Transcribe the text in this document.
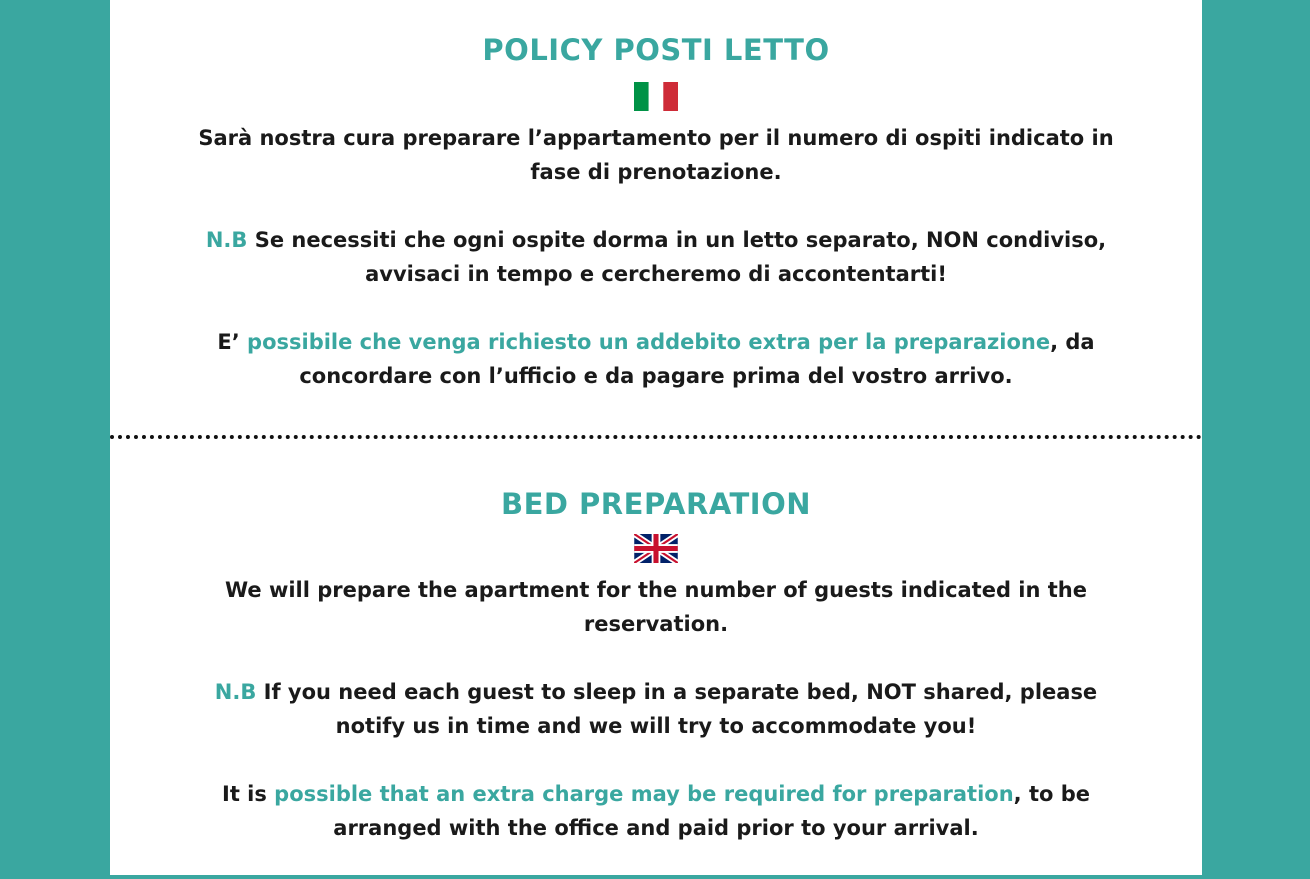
POLICY POSTI LETTO

Sarà nostra cura preparare l’appartamento per il numero di ospiti indicato in fase di prenotazione.

N.B Se necessiti che ogni ospite dorma in un letto separato, NON condiviso, avvisaci in tempo e cercheremo di accontentarti!

E’ possibile che venga richiesto un addebito extra per la preparazione, da concordare con l’ufficio e da pagare prima del vostro arrivo.

BED PREPARATION

We will prepare the apartment for the number of guests indicated in the reservation.

N.B If you need each guest to sleep in a separate bed, NOT shared, please notify us in time and we will try to accommodate you!

It is possible that an extra charge may be required for preparation, to be arranged with the office and paid prior to your arrival.
